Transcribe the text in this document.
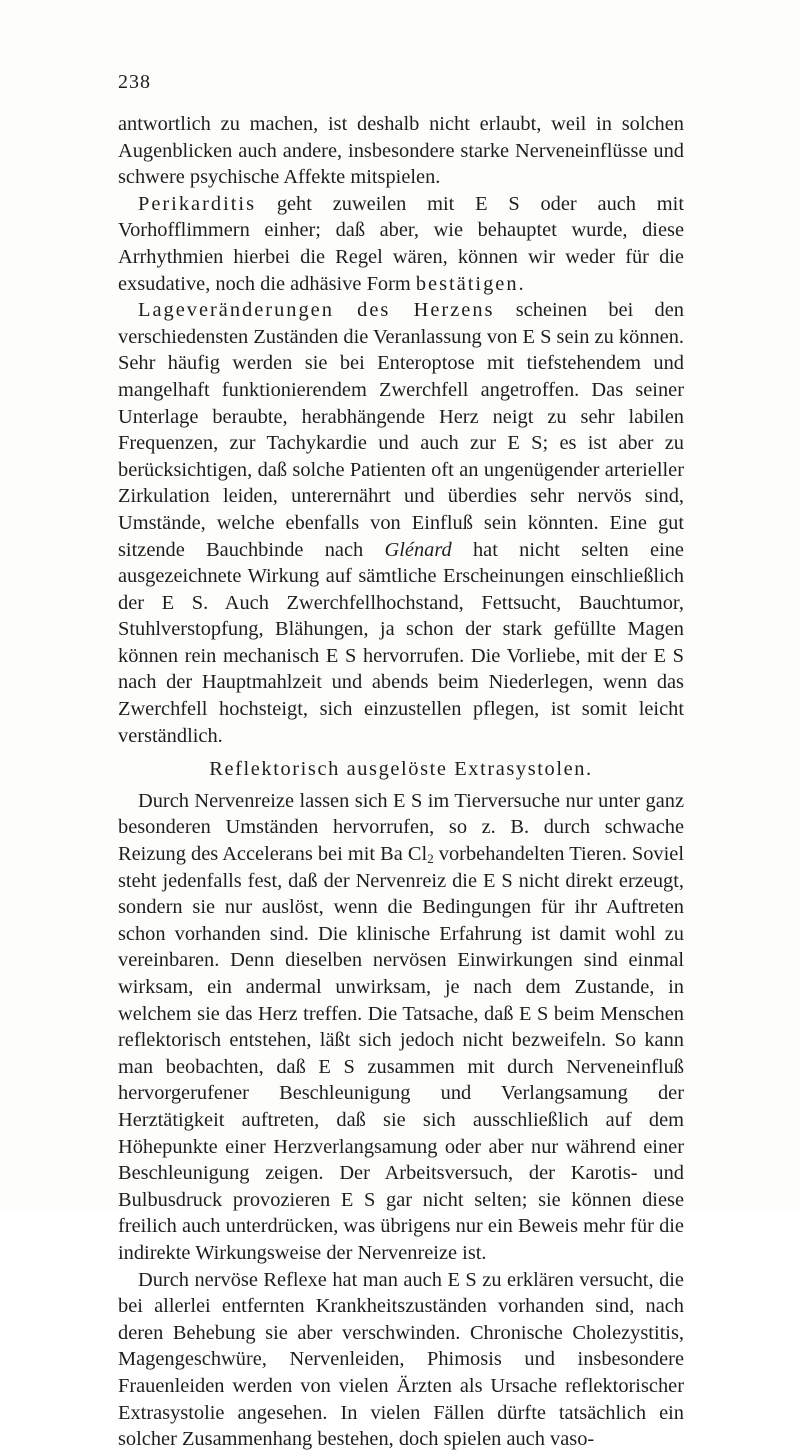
238

antwortlich zu machen, ist deshalb nicht erlaubt, weil in solchen Augenblicken auch andere, insbesondere starke Nerveneinflüsse und schwere psychische Affekte mitspielen.

Perikarditis geht zuweilen mit E S oder auch mit Vorhofflimmern einher; daß aber, wie behauptet wurde, diese Arrhythmien hierbei die Regel wären, können wir weder für die exsudative, noch die adhäsive Form bestätigen.

Lageveränderungen des Herzens scheinen bei den verschiedensten Zuständen die Veranlassung von E S sein zu können. Sehr häufig werden sie bei Enteroptose mit tiefstehendem und mangelhaft funktionierendem Zwerchfell angetroffen. Das seiner Unterlage beraubte, herabhängende Herz neigt zu sehr labilen Frequenzen, zur Tachykardie und auch zur E S; es ist aber zu berücksichtigen, daß solche Patienten oft an ungenügender arterieller Zirkulation leiden, unterernährt und überdies sehr nervös sind, Umstände, welche ebenfalls von Einfluß sein könnten. Eine gut sitzende Bauchbinde nach Glénard hat nicht selten eine ausgezeichnete Wirkung auf sämtliche Erscheinungen einschließlich der E S. Auch Zwerchfellhochstand, Fettsucht, Bauchtumor, Stuhlverstopfung, Blähungen, ja schon der stark gefüllte Magen können rein mechanisch E S hervorrufen. Die Vorliebe, mit der E S nach der Hauptmahlzeit und abends beim Niederlegen, wenn das Zwerchfell hochsteigt, sich einzustellen pflegen, ist somit leicht verständlich.

Reflektorisch ausgelöste Extrasystolen.

Durch Nervenreize lassen sich E S im Tierversuche nur unter ganz besonderen Umständen hervorrufen, so z. B. durch schwache Reizung des Accelerans bei mit Ba $Cl_2$ vorbehandelten Tieren. Soviel steht jedenfalls fest, daß der Nervenreiz die E S nicht direkt erzeugt, sondern sie nur auslöst, wenn die Bedingungen für ihr Auftreten schon vorhanden sind. Die klinische Erfahrung ist damit wohl zu vereinbaren. Denn dieselben nervösen Einwirkungen sind einmal wirksam, ein andermal unwirksam, je nach dem Zustande, in welchem sie das Herz treffen. Die Tatsache, daß E S beim Menschen reflektorisch entstehen, läßt sich jedoch nicht bezweifeln. So kann man beobachten, daß E S zusammen mit durch Nerveneinfluß hervorgerufener Beschleunigung und Verlangsamung der Herztätigkeit auftreten, daß sie sich ausschließlich auf dem Höhepunkte einer Herzverlangsamung oder aber nur während einer Beschleunigung zeigen. Der Arbeitsversuch, der Karotis- und Bulbusdruck provozieren E S gar nicht selten; sie können diese freilich auch unterdrücken, was übrigens nur ein Beweis mehr für die indirekte Wirkungsweise der Nervenreize ist.

Durch nervöse Reflexe hat man auch E S zu erklären versucht, die bei allerlei entfernten Krankheitszuständen vorhanden sind, nach deren Behebung sie aber verschwinden. Chronische Cholezystitis, Magengeschwüre, Nervenleiden, Phimosis und insbesondere Frauenleiden werden von vielen Ärzten als Ursache reflektorischer Extrasystolie angesehen. In vielen Fällen dürfte tatsächlich ein solcher Zusammenhang bestehen, doch spielen auch vaso-
